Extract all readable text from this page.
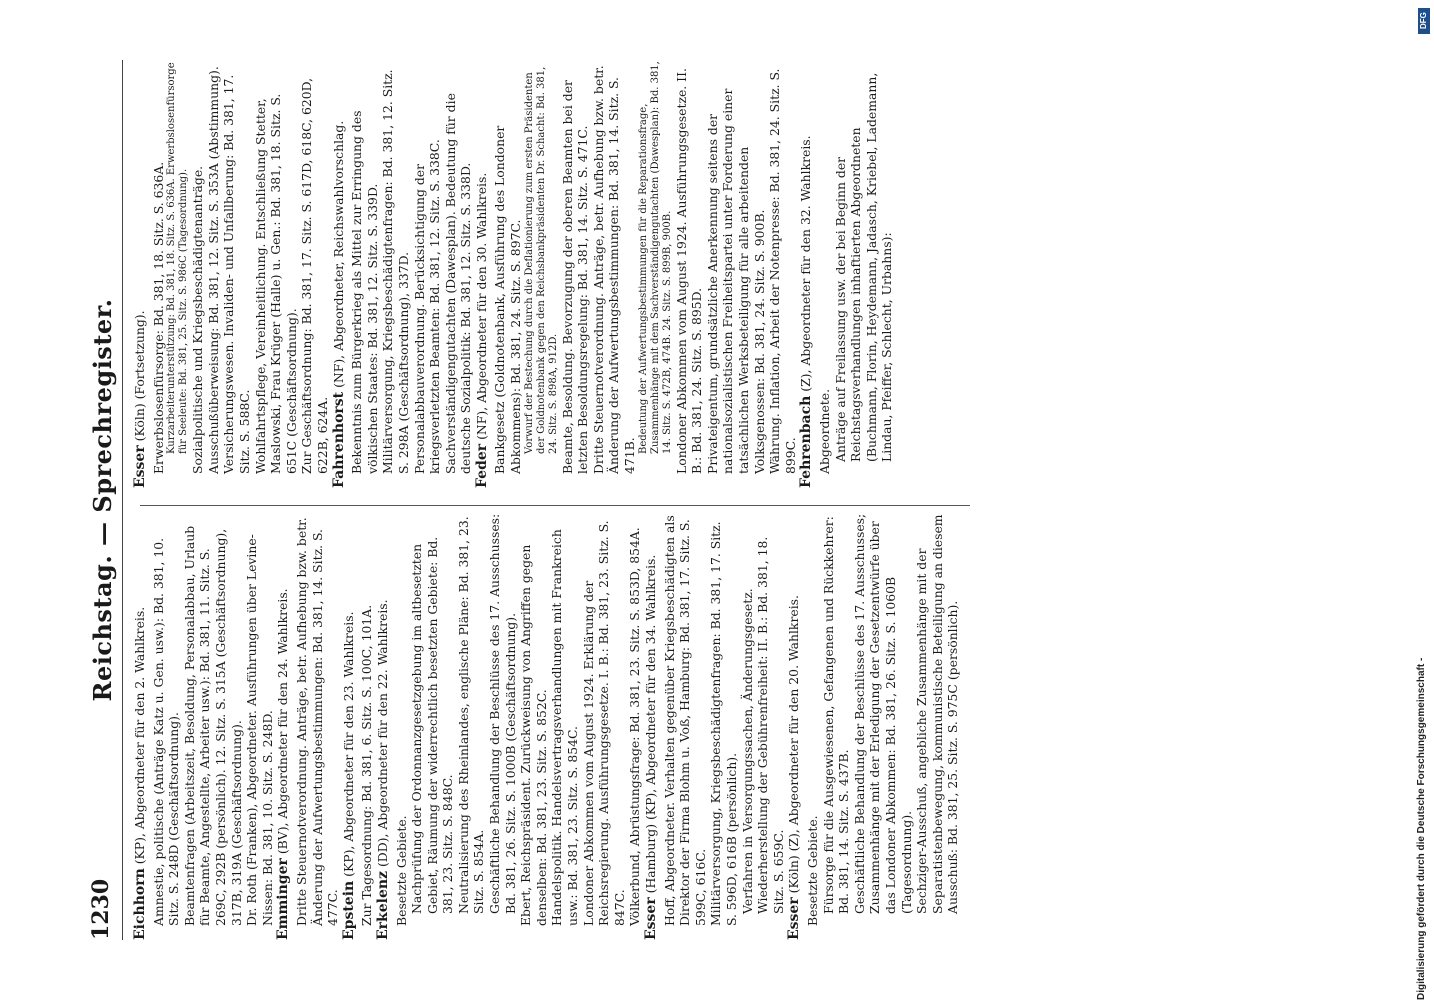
1230
Reichstag. — Sprechregister.
Eichhorn (KP), Abgeordneter für den 2. Wahlkreis. Amnestie, politische (Anträge Katz u. Gen. usw.): Bd. 381, 10. Sitz. S. 248D (Geschäftsordnung). Beamtenfragen (Arbeitszeit, Besoldung, Personalabbau, Urlaub für Beamte, Angestellte, Arbeiter usw.): Bd. 381, 11. Sitz. S. 269C, 292B (persönlich). 12. Sitz. S. 315A (Geschäftsordnung), 317B, 319A (Geschäftsordnung). Dr. Roth (Franken), Abgeordneter. Ausführungen über Levine-Nissen: Bd. 381, 10. Sitz. S. 248D. Emminger (BV), Abgeordneter für den 24. Wahlkreis. Dritte Steuernotverordnung. Anträge, betr. Aufhebung bzw. betr. Änderung der Aufwertungsbestimmungen: Bd. 381, 14. Sitz. S. 477C. Epstein (KP), Abgeordneter für den 23. Wahlkreis. Zur Tagesordnung: Bd. 381, 6. Sitz. S. 100C, 101A. Erkelenz (DD), Abgeordneter für den 22. Wahlkreis. Besetzte Gebiete. Nachprüfung der Ordonnanzgesetzgebung im altbesetzten Gebiet, Räumung der widerrechtlich besetzten Gebiete: Bd. 381, 23. Sitz. S. 848C. Neutralisierung des Rheinlandes, englische Pläne: Bd. 381, 23. Sitz. S. 854A. Geschäftliche Behandlung der Beschlüsse des 17. Ausschusses: Bd. 381, 26. Sitz. S. 1000B (Geschäftsordnung). Ebert, Reichspräsident. Zurückweisung von Angriffen gegen denselben: Bd. 381, 23. Sitz. S. 852C. Handelspolitik. Handelsvertragsverhandlungen mit Frankreich usw.: Bd. 381, 23. Sitz. S. 854C. Londoner Abkommen vom August 1924. Erklärung der Reichsregierung. Ausführungsgesetze. I. B.: Bd. 381, 23. Sitz. S. 847C. Völkerbund, Abrüstungsfrage: Bd. 381, 23. Sitz. S. 853D, 854A. Esser (Hamburg) (KP), Abgeordneter für den 34. Wahlkreis. Hoff, Abgeordneter. Verhalten gegenüber Kriegsbeschädigten als Direktor der Firma Blohm u. Voß, Hamburg: Bd. 381, 17. Sitz. S. 599C, 616C. Militärversorgung, Kriegsbeschädigtenfragen: Bd. 381, 17. Sitz. S. 596D, 616B (persönlich). Verfahren in Versorgungssachen, Änderungsgesetz. Wiederherstellung der Gebührenfreiheit: II. B.: Bd. 381, 18. Sitz. S. 659C.
Esser (Köln) (Z), Abgeordneter für den 20. Wahlkreis. Besetzte Gebiete. Fürsorge für die Ausgewiesenen, Gefangenen und Rückkehrer: Bd. 381, 14. Sitz. S. 437B. Geschäftliche Behandlung der Beschlüsse des 17. Ausschusses; Zusammenhänge mit der Erledigung der Gesetzentwürfe über das Londoner Abkommen: Bd. 381, 26. Sitz. S. 1060B (Tagesordnung). Sechziger-Ausschuß, angebliche Zusammenhänge mit der Separatistenbewegung, kommunistische Beteiligung an diesem Ausschuß: Bd. 381, 25. Sitz. S. 975C (persönlich).
Esser (Köln) (Fortsetzung). Erwerbslosenfürsorge: Bd. 381, 18. Sitz. S. 636A. Kurzarbeiterunterstützung: Bd. 381, 18. Sitz. S. 636A. Erwerbslosenfürsorge für Seeleute: Bd. 381, 25. Sitz. S. 986C (Tagesordnung). Sozialpolitische und Kriegsbeschädigtenanträge. Ausschußüberweisung: Bd. 381, 12. Sitz. S. 353A (Abstimmung). Versicherungswesen. Invaliden- und Unfallberung: Bd. 381, 17. Sitz. S. 588C. Wohlfahrtspflege, Vereinheitlichung. Entschließung Stetter, Maslowski, Frau Krüger (Halle) u. Gen.: Bd. 381, 18. Sitz. S. 651C (Geschäftsordnung). Zur Geschäftsordnung: Bd. 381, 17. Sitz. S. 617D, 618C, 620D, 622B, 624A. Fahrenhorst (NF), Abgeordneter, Reichswahlvorschlag. Bekenntnis zum Bürgerkrieg als Mittel zur Erringung des völkischen Staates: Bd. 381, 12. Sitz. S. 339D. Militärversorgung, Kriegsbeschädigtenfragen: Bd. 381, 12. Sitz. S. 298A (Geschäftsordnung), 337D. Personalabbauverordnung. Berücksichtigung der kriegsverletzten Beamten: Bd. 381, 12. Sitz. S. 338C. Sachverständigengutachten (Dawesplan). Bedeutung für die deutsche Sozialpolitik: Bd. 381, 12. Sitz. S. 338D. Feder (NF), Abgeordneter für den 30. Wahlkreis. Bankgesetz (Goldnotenbank, Ausführung des Londoner Abkommens): Bd. 381, 24. Sitz. S. 897C. Vorwurf der Bestechung durch die Deflationierung zum ersten Präsidenten der Goldnotenbank gegen den Reichsbankpräsidenten Dr. Schacht: Bd. 381, 24. Sitz. S. 898A, 912D. Beamte, Besoldung. Bevorzugung der oberen Beamten bei der letzten Besoldungsregelung: Bd. 381, 14. Sitz. S. 471C. Dritte Steuernotverordnung. Anträge, betr. Aufhebung bzw. betr. Änderung der Aufwertungsbestimmungen: Bd. 381, 14. Sitz. S. 471B.
Bedeutung der Aufwertungsbestimmungen für die Reparationsfrage, Zusammenhänge mit dem Sachverständigengutachten (Dawesplan): Bd. 381, 14. Sitz. S. 472B, 474B. 24. Sitz. S. 899B, 900B. Londoner Abkommen vom August 1924. Ausführungsgesetze. II. B.: Bd. 381, 24. Sitz. S. 895D. Privateigentum, grundsätzliche Anerkennung seitens der nationalsozialistischen Freiheitspartei unter Forderung einer tatsächlichen Werksbeteiligung für alle arbeitenden Volksgenossen: Bd. 381, 24. Sitz. S. 900B. Währung. Inflation, Arbeit der Notenpresse: Bd. 381, 24. Sitz. S. 899C. Fehrenbach (Z), Abgeordneter für den 32. Wahlkreis.
Abgeordnete. Anträge auf Freilassung usw. der bei Beginn der Reichstagsverhandlungen inhaftierten Abgeordneten (Buchmann, Florin, Heydemann, Jadasch, Kriebel, Lademann, Lindau, Pfeiffer, Schlecht, Urbahns):
Digitalisierung gefördert durch die Deutsche Forschungsgemeinschaft -
DFG
